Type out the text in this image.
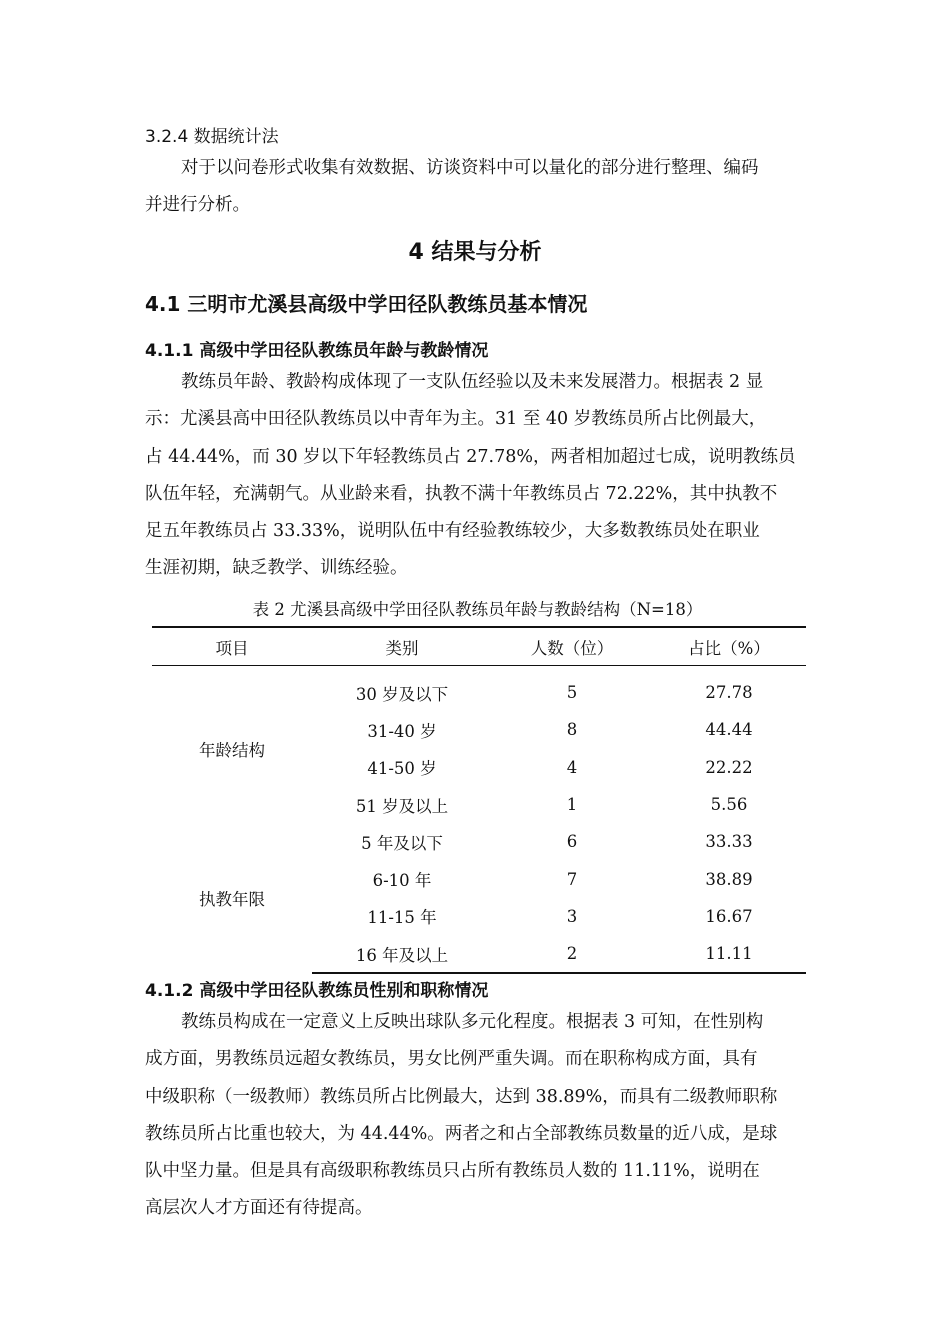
3.2.4 数据统计法
对于以问卷形式收集有效数据、访谈资料中可以量化的部分进行整理、编码
并进行分析。
4 结果与分析
4.1 三明市尤溪县高级中学田径队教练员基本情况
4.1.1 高级中学田径队教练员年龄与教龄情况
教练员年龄、教龄构成体现了一支队伍经验以及未来发展潜力。根据表 2 显
示：尤溪县高中田径队教练员以中青年为主。31 至 40 岁教练员所占比例最大，
占 44.44%，而 30 岁以下年轻教练员占 27.78%，两者相加超过七成，说明教练员
队伍年轻，充满朝气。从业龄来看，执教不满十年教练员占 72.22%，其中执教不
足五年教练员占 33.33%，说明队伍中有经验教练较少，大多数教练员处在职业
生涯初期，缺乏教学、训练经验。
表 2 尤溪县高级中学田径队教练员年龄与教龄结构（N=18）
项目	类别	人数（位）	占比（%）

年龄结构	30 岁及以下	5	27.78
	31-40 岁	8	44.44
	41-50 岁	4	22.22
	51 岁及以上	1	5.56
执教年限	5 年及以下	6	33.33
	6-10 年	7	38.89
	11-15 年	3	16.67
	16 年及以上	2	11.11
4.1.2 高级中学田径队教练员性别和职称情况
教练员构成在一定意义上反映出球队多元化程度。根据表 3 可知，在性别构
成方面，男教练员远超女教练员，男女比例严重失调。而在职称构成方面，具有
中级职称（一级教师）教练员所占比例最大，达到 38.89%，而具有二级教师职称
教练员所占比重也较大，为 44.44%。两者之和占全部教练员数量的近八成，是球
队中坚力量。但是具有高级职称教练员只占所有教练员人数的 11.11%，说明在
高层次人才方面还有待提高。
